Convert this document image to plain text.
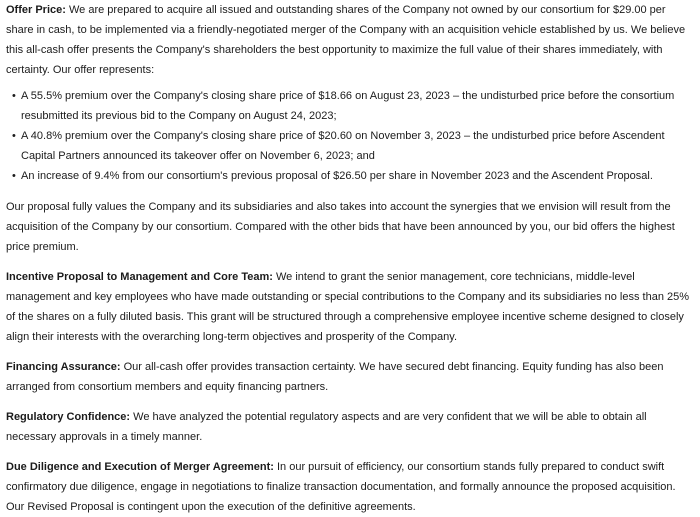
Offer Price: We are prepared to acquire all issued and outstanding shares of the Company not owned by our consortium for $29.00 per share in cash, to be implemented via a friendly-negotiated merger of the Company with an acquisition vehicle established by us. We believe this all-cash offer presents the Company's shareholders the best opportunity to maximize the full value of their shares immediately, with certainty. Our offer represents:

• A 55.5% premium over the Company's closing share price of $18.66 on August 23, 2023 – the undisturbed price before the consortium resubmitted its previous bid to the Company on August 24, 2023;
• A 40.8% premium over the Company's closing share price of $20.60 on November 3, 2023 – the undisturbed price before Ascendent Capital Partners announced its takeover offer on November 6, 2023; and
• An increase of 9.4% from our consortium's previous proposal of $26.50 per share in November 2023 and the Ascendent Proposal.

Our proposal fully values the Company and its subsidiaries and also takes into account the synergies that we envision will result from the acquisition of the Company by our consortium. Compared with the other bids that have been announced by you, our bid offers the highest price premium.

Incentive Proposal to Management and Core Team: We intend to grant the senior management, core technicians, middle-level management and key employees who have made outstanding or special contributions to the Company and its subsidiaries no less than 25% of the shares on a fully diluted basis. This grant will be structured through a comprehensive employee incentive scheme designed to closely align their interests with the overarching long-term objectives and prosperity of the Company.

Financing Assurance: Our all-cash offer provides transaction certainty. We have secured debt financing. Equity funding has also been arranged from consortium members and equity financing partners.

Regulatory Confidence: We have analyzed the potential regulatory aspects and are very confident that we will be able to obtain all necessary approvals in a timely manner.

Due Diligence and Execution of Merger Agreement: In our pursuit of efficiency, our consortium stands fully prepared to conduct swift confirmatory due diligence, engage in negotiations to finalize transaction documentation, and formally announce the proposed acquisition. Our Revised Proposal is contingent upon the execution of the definitive agreements.
